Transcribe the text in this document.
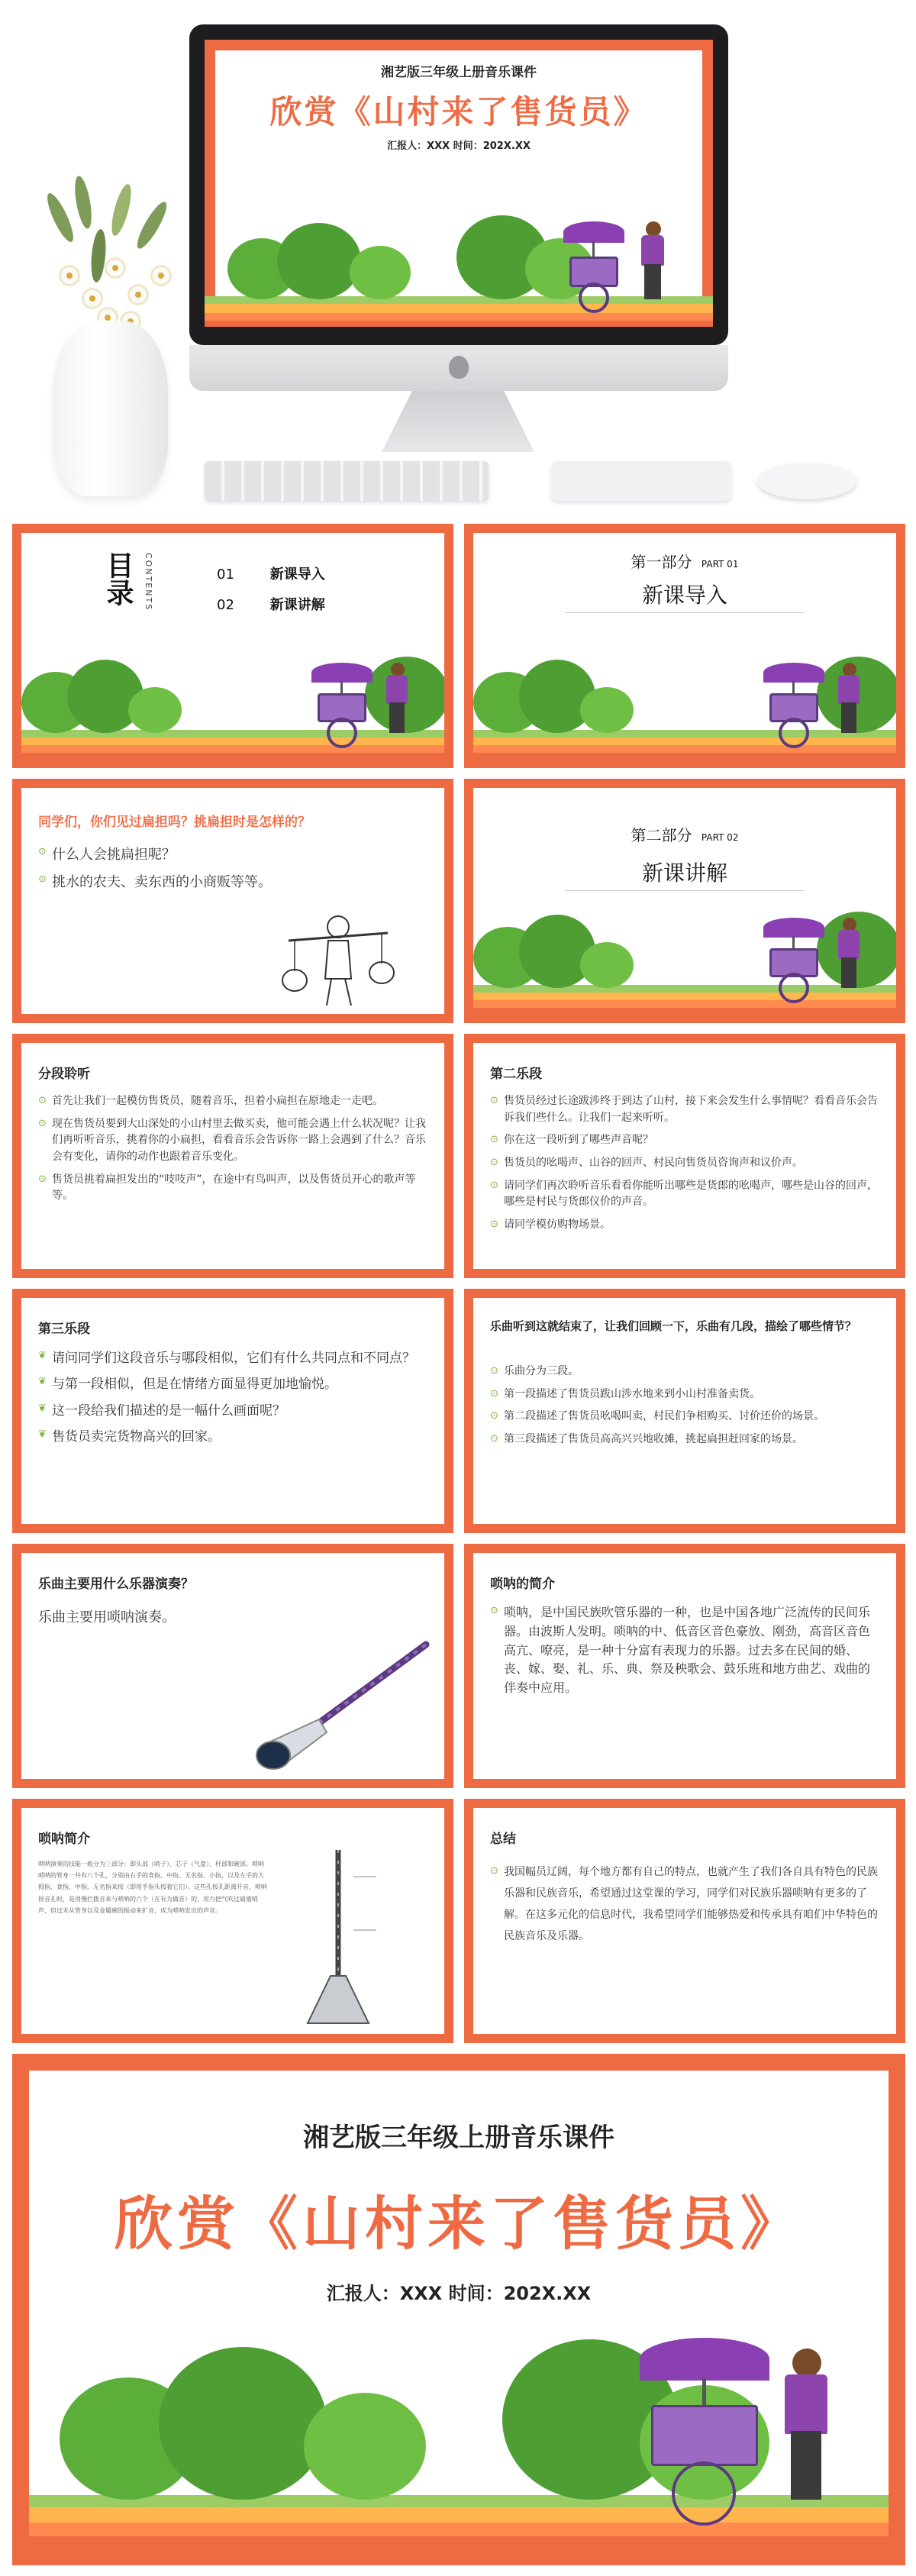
湘艺版三年级上册音乐课件
欣赏《山村来了售货员》
汇报人：XXX 时间：202X.XX
目录 CONTENTS	01	新课导入
02	新课讲解
第一部分 PART 01
新课导入
同学们，你们见过扁担吗？挑扁担时是怎样的？
⊙ 什么人会挑扁担呢？
⊙ 挑水的农夫、卖东西的小商贩等等。
第二部分 PART 02
新课讲解
分段聆听
⊙ 首先让我们一起模仿售货员，随着音乐，担着小扁担在原地走一走吧。
⊙ 现在售货员要到大山深处的小山村里去做买卖，他可能会遇上什么状况呢？让我们再听听音乐，挑着你的小扁担，看看音乐会告诉你一路上会遇到了什么？音乐会有变化，请你的动作也跟着音乐变化。
⊙ 售货员挑着扁担发出的“吱吱声”，在途中有鸟叫声，以及售货员开心的歌声等等。
第二乐段
⊙ 售货员经过长途跋涉终于到达了山村，接下来会发生什么事情呢？看看音乐会告诉我们些什么。让我们一起来听听。
⊙ 你在这一段听到了哪些声音呢？
⊙ 售货员的吆喝声、山谷的回声、村民向售货员咨询声和议价声。
⊙ 请同学们再次聆听音乐看看你能听出哪些是货郎的吆喝声，哪些是山谷的回声，哪些是村民与货郎仪价的声音。
⊙ 请同学模仿购物场景。
第三乐段
❦ 请问同学们这段音乐与哪段相似，它们有什么共同点和不同点？
❦ 与第一段相似，但是在情绪方面显得更加地愉悦。
❦ 这一段给我们描述的是一幅什么画面呢？
❦ 售货员卖完货物高兴的回家。
乐曲听到这就结束了，让我们回顾一下，乐曲有几段，描绘了哪些情节？
⊙ 乐曲分为三段。
⊙ 第一段描述了售货员跋山涉水地来到小山村准备卖货。
⊙ 第二段描述了售货员吆喝叫卖，村民们争相购买、讨价还价的场景。
⊙ 第三段描述了售货员高高兴兴地收摊，挑起扁担赶回家的场景。
乐曲主要用什么乐器演奏？
乐曲主要用唢呐演奏。
唢呐的简介
⊙ 唢呐，是中国民族吹管乐器的一种，也是中国各地广泛流传的民间乐器。由波斯人发明。唢呐的中、低音区音色豪放、刚劲，高音区音色高亢、嘹亮，是一种十分富有表现力的乐器。过去多在民间的婚、丧、嫁、娶、礼、乐、典、祭及秧歌会、鼓乐班和地方曲艺、戏曲的伴奏中应用。
唢呐简介
唢呐演奏的技能一般分为三部分：即头部（哨子）、芯子（气盘）、杆部和碗部。唢呐唢呐的管身一共有八个孔，分别由右手的食指、中指、无名指、小指，以及左手的大拇指、食指、中指、无名指来按（即用手指头按着它们）。这些孔按孔距离开音，唢呐按音孔时，是用慢拦拨音来与唢呐的六个（在有为做音）的，用力把气吹过扁塞哨声，但过未从管身以及金属碗的振动来扩音，成为唢呐发出的声音。
总结
⊙ 我国幅员辽阔，每个地方都有自己的特点，也就产生了我们各自具有特色的民族乐器和民族音乐，希望通过这堂课的学习，同学们对民族乐器唢呐有更多的了解。在这多元化的信息时代，我希望同学们能够热爱和传承具有咱们中华特色的民族音乐及乐器。
湘艺版三年级上册音乐课件
欣赏《山村来了售货员》
汇报人：XXX 时间：202X.XX
